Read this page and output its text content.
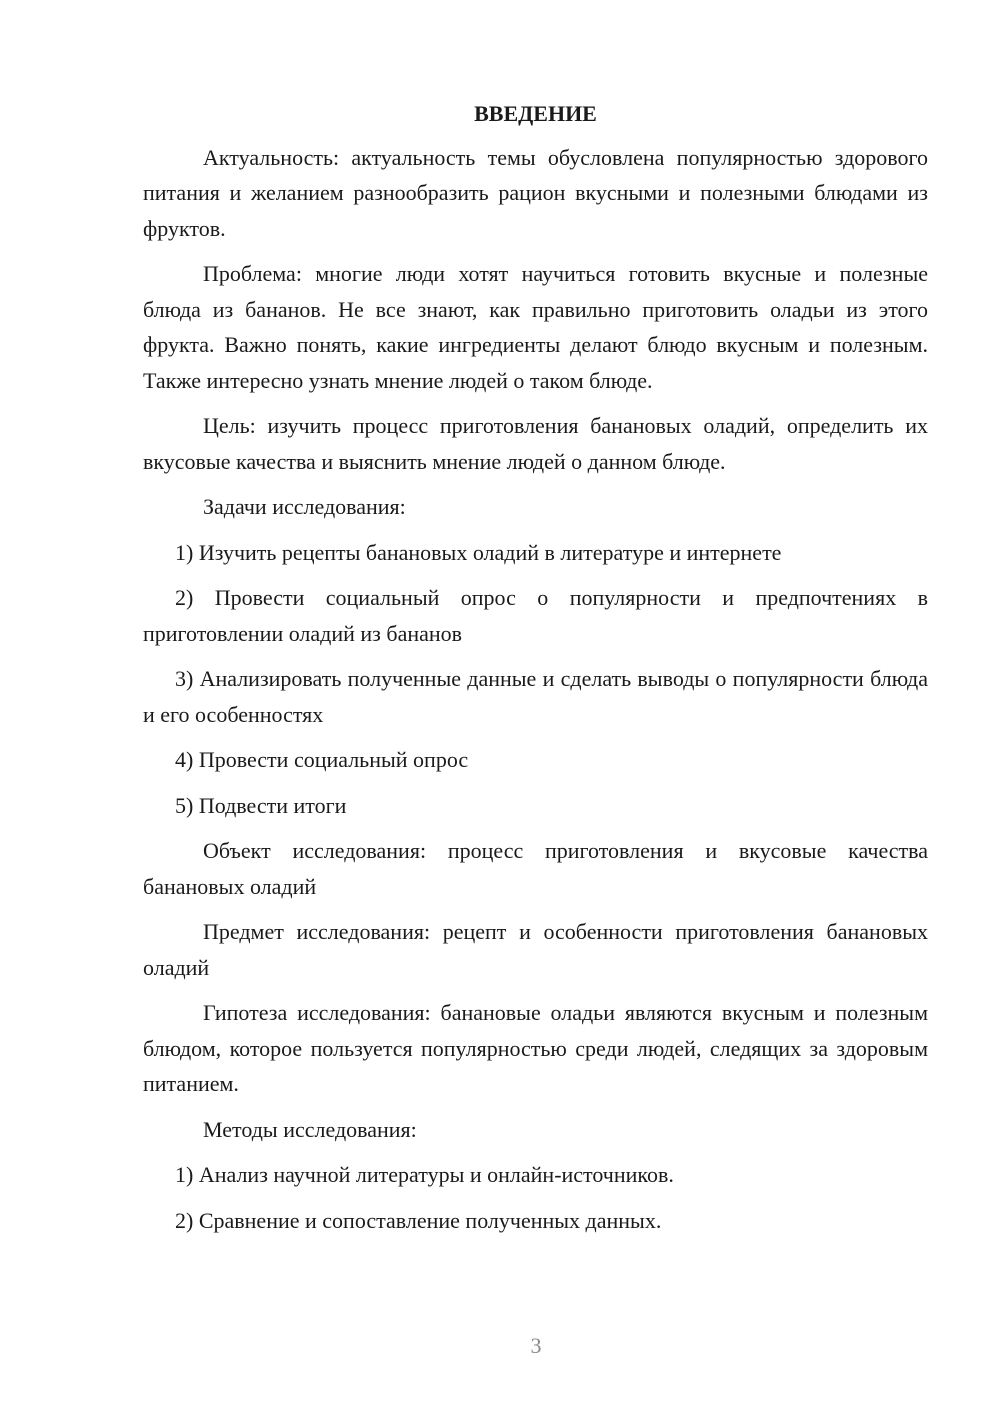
ВВЕДЕНИЕ

Актуальность: актуальность темы обусловлена популярностью здорового питания и желанием разнообразить рацион вкусными и полезными блюдами из фруктов.

Проблема: многие люди хотят научиться готовить вкусные и полезные блюда из бананов. Не все знают, как правильно приготовить оладьи из этого фрукта. Важно понять, какие ингредиенты делают блюдо вкусным и полезным. Также интересно узнать мнение людей о таком блюде.

Цель: изучить процесс приготовления банановых оладий, определить их вкусовые качества и выяснить мнение людей о данном блюде.

Задачи исследования:

1) Изучить рецепты банановых оладий в литературе и интернете

2) Провести социальный опрос о популярности и предпочтениях в приготовлении оладий из бананов

3) Анализировать полученные данные и сделать выводы о популярности блюда и его особенностях

4) Провести социальный опрос

5) Подвести итоги

Объект исследования: процесс приготовления и вкусовые качества банановых оладий

Предмет исследования: рецепт и особенности приготовления банановых оладий

Гипотеза исследования: банановые оладьи являются вкусным и полезным блюдом, которое пользуется популярностью среди людей, следящих за здоровым питанием.

Методы исследования:

1) Анализ научной литературы и онлайн-источников.

2) Сравнение и сопоставление полученных данных.

3
